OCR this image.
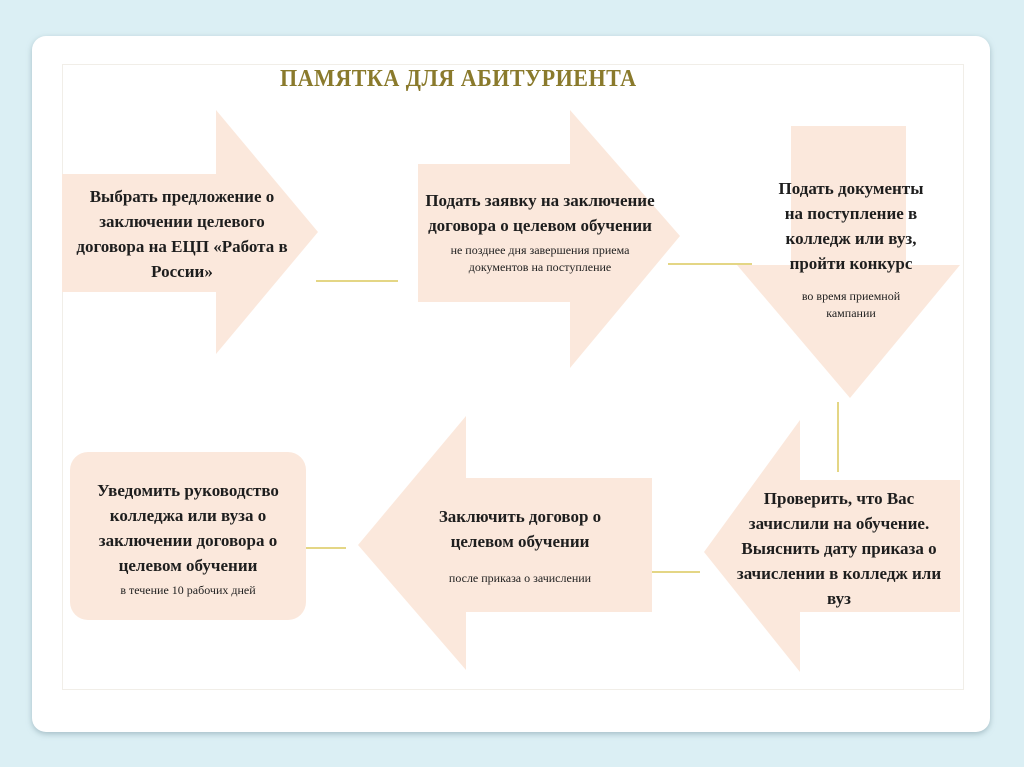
ПАМЯТКА ДЛЯ АБИТУРИЕНТА
Выбрать предложение о заключении целевого договора на ЕЦП «Работа в России»
Подать заявку на заключение договора о целевом обучении
не позднее дня завершения приема документов на поступление
Подать документы на поступление в колледж или вуз, пройти конкурс
во время приемной кампании
Проверить, что Вас зачислили на обучение. Выяснить дату приказа о зачислении в колледж или вуз
Заключить договор о целевом обучении
после приказа о зачислении
Уведомить руководство колледжа или вуза о заключении договора о целевом обучении
в течение 10 рабочих дней
